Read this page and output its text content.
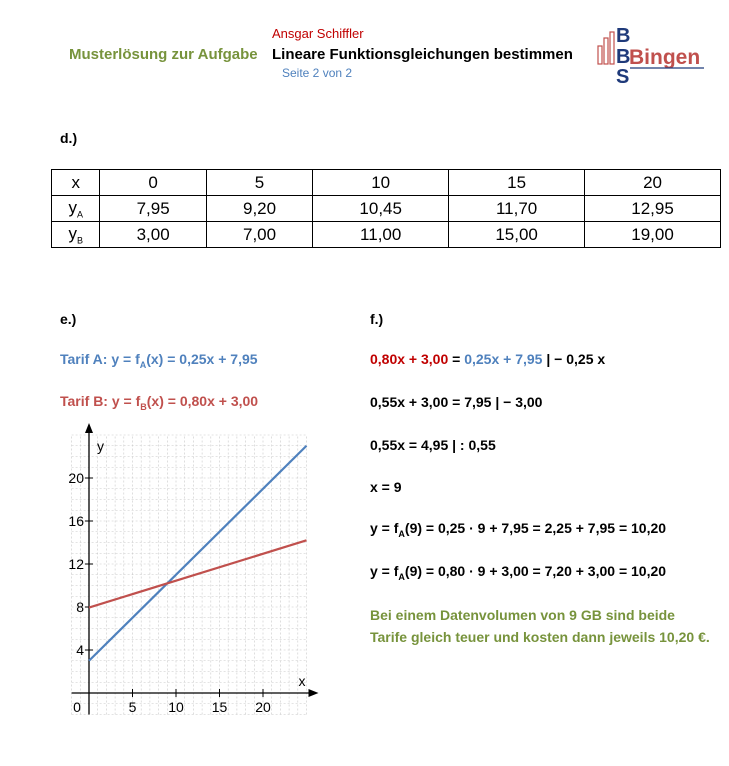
Ansgar Schiffler
Musterlösung zur Aufgabe Lineare Funktionsgleichungen bestimmen
Seite 2 von 2
B
B
S
Bingen
d.)
x	0	5	10	15	20
$y_A$	7,95	9,20	10,45	11,70	12,95
$y_B$	3,00	7,00	11,00	15,00	19,00
e.)
Tarif A: $y = f_A(x) = 0,25x + 7,95$
Tarif B: $y = f_B(x) = 0,80x + 3,00$
x
y
0	5 10 15 20
4
8
12
16
20
f.)
0,80x + 3,00 = 0,25x + 7,95 | − 0,25 x
0,55x + 3,00 = 7,95 | − 3,00
0,55x = 4,95 | : 0,55
x = 9
$y = f_A(9) = 0,25 \cdot 9 + 7,95 = 2,25 + 7,95 = 10,20$
$y = f_A(9) = 0,80 \cdot 9 + 3,00 = 7,20 + 3,00 = 10,20$
Bei einem Datenvolumen von 9 GB sind beide Tarife gleich teuer und kosten dann jeweils 10,20 €.
